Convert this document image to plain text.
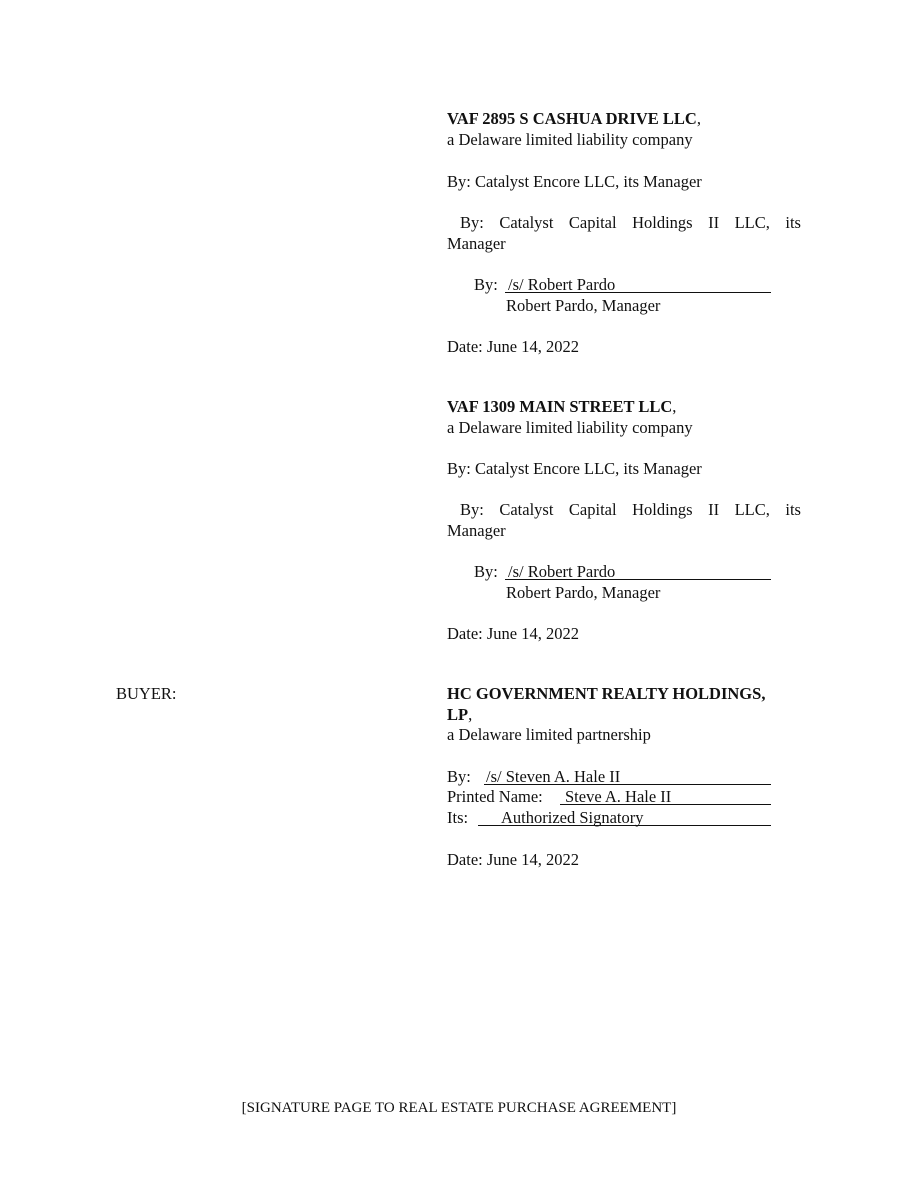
VAF 2895 S CASHUA DRIVE LLC,
a Delaware limited liability company
By: Catalyst Encore LLC, its Manager
By: Catalyst Capital Holdings II LLC, its
Manager
By: /s/ Robert Pardo
Robert Pardo, Manager
Date: June 14, 2022
VAF 1309 MAIN STREET LLC,
a Delaware limited liability company
By: Catalyst Encore LLC, its Manager
By: Catalyst Capital Holdings II LLC, its
Manager
By: /s/ Robert Pardo
Robert Pardo, Manager
Date: June 14, 2022
BUYER:	HC GOVERNMENT REALTY HOLDINGS,
LP,
a Delaware limited partnership
By: /s/ Steven A. Hale II
Printed Name: Steve A. Hale II
Its: Authorized Signatory
Date: June 14, 2022
[SIGNATURE PAGE TO REAL ESTATE PURCHASE AGREEMENT]
